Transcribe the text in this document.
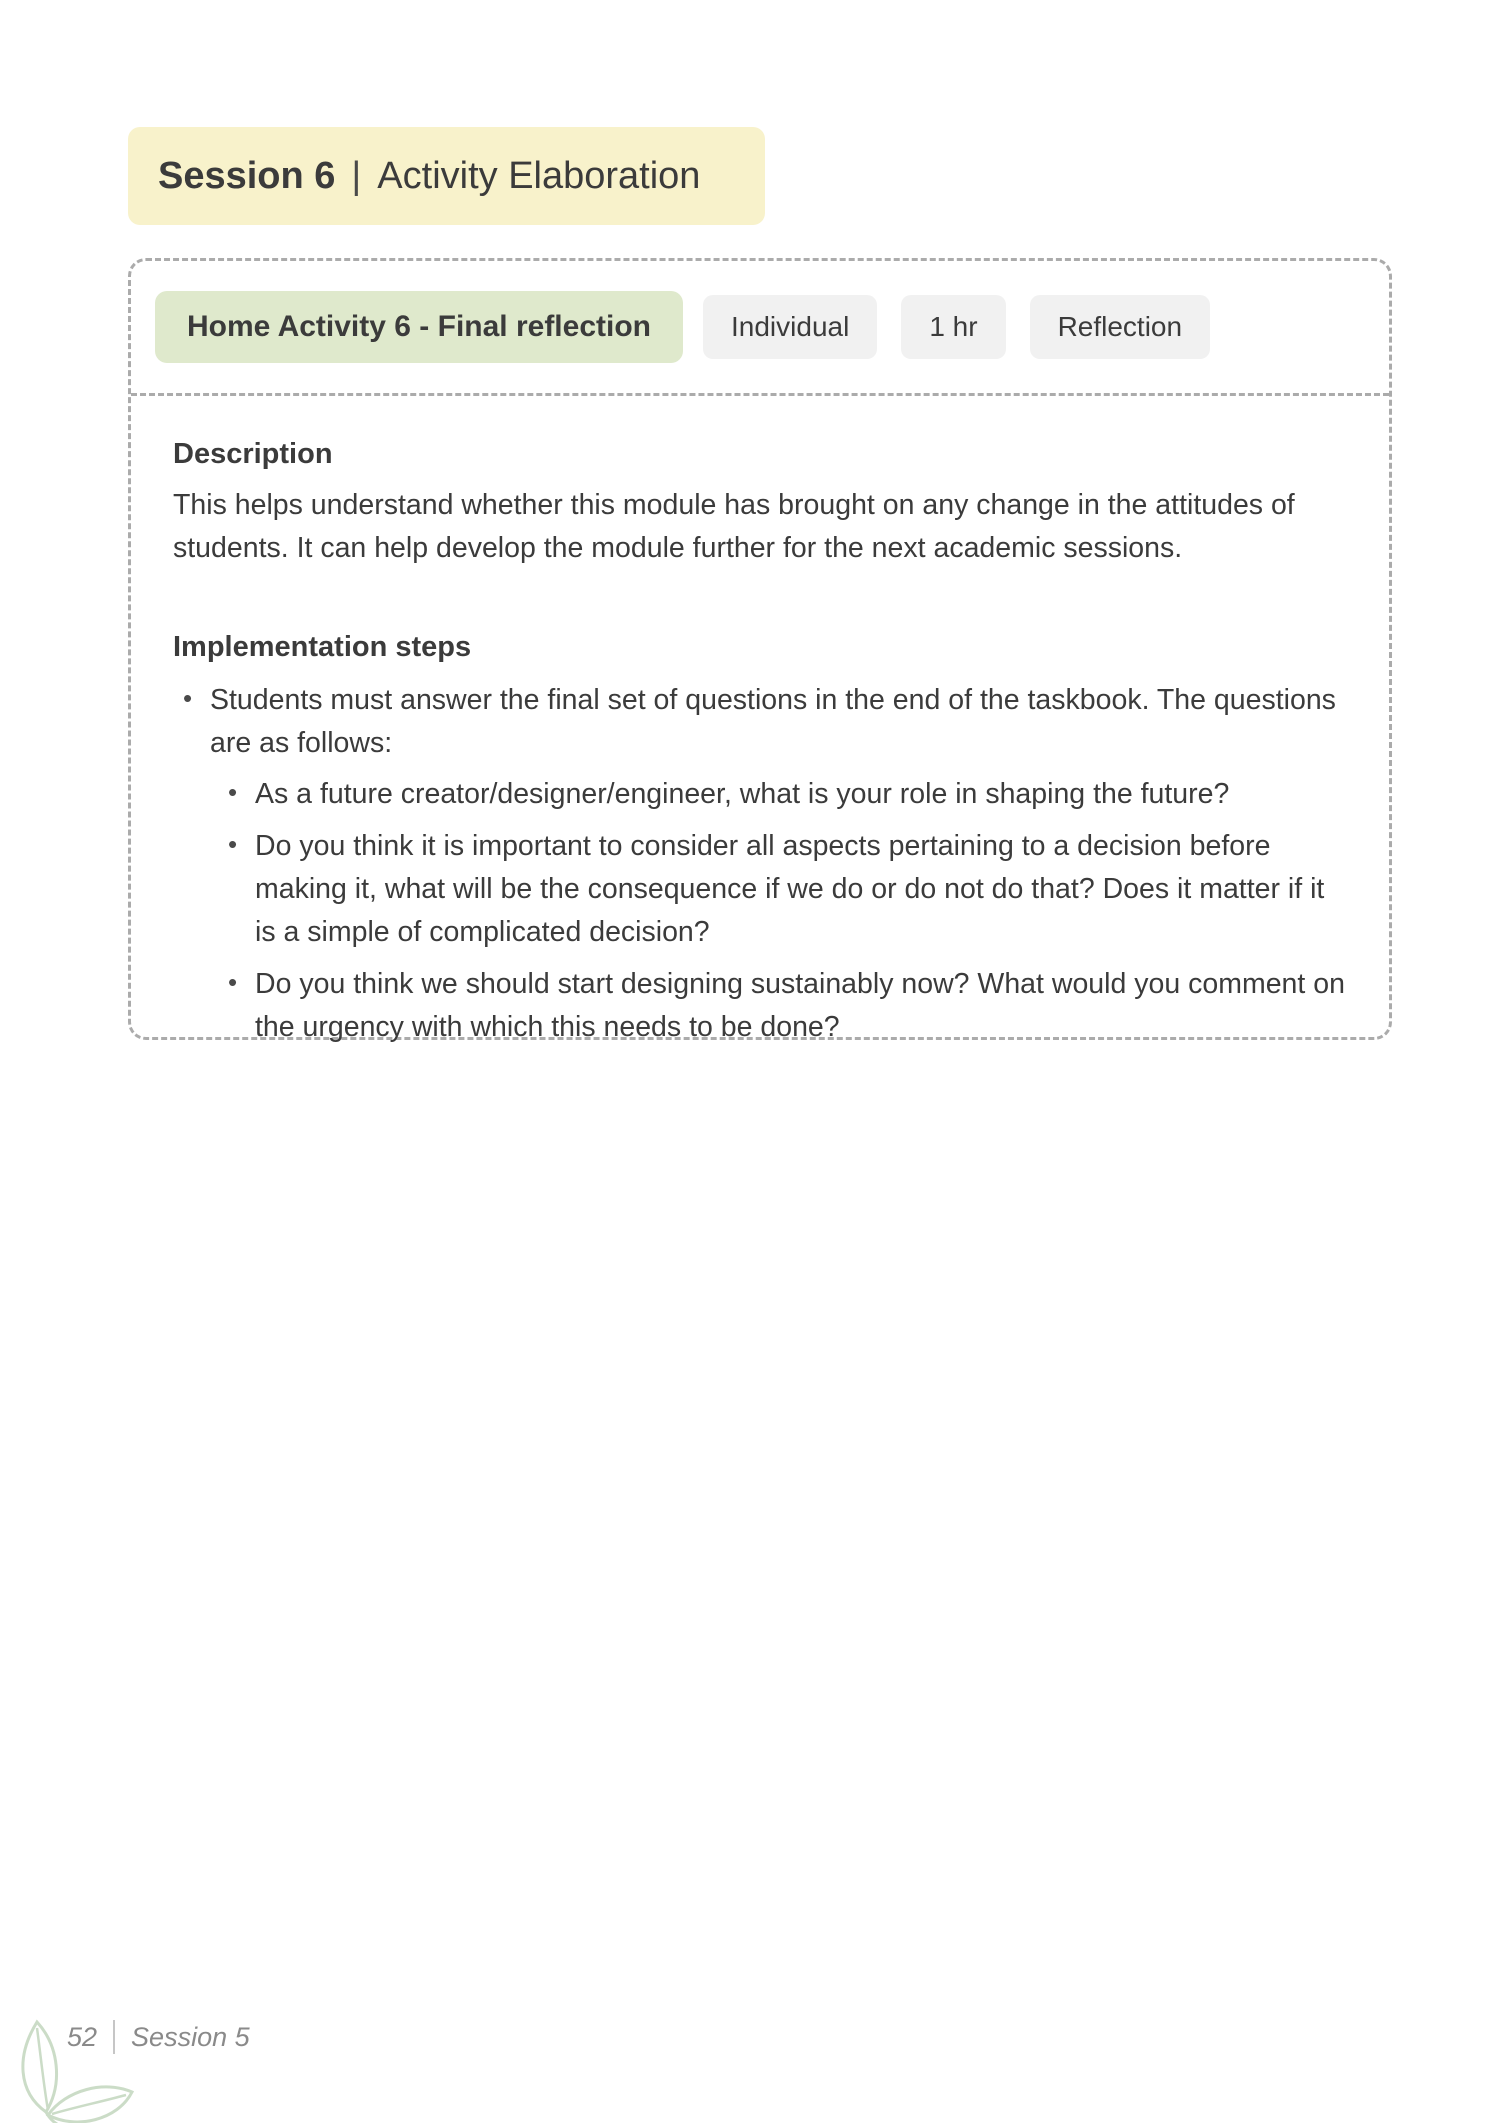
Session 6 | Activity Elaboration
Home Activity 6 - Final reflection	Individual	1 hr	Reflection
Description

This helps understand whether this module has brought on any change in the attitudes of students. It can help develop the module further for the next academic sessions.

Implementation steps
• Students must answer the final set of questions in the end of the taskbook. The questions are as follows:
• As a future creator/designer/engineer, what is your role in shaping the future?
• Do you think it is important to consider all aspects pertaining to a decision before making it, what will be the consequence if we do or do not do that? Does it matter if it is a simple of complicated decision?
• Do you think we should start designing sustainably now? What would you comment on the urgency with which this needs to be done?
52 Session 5
